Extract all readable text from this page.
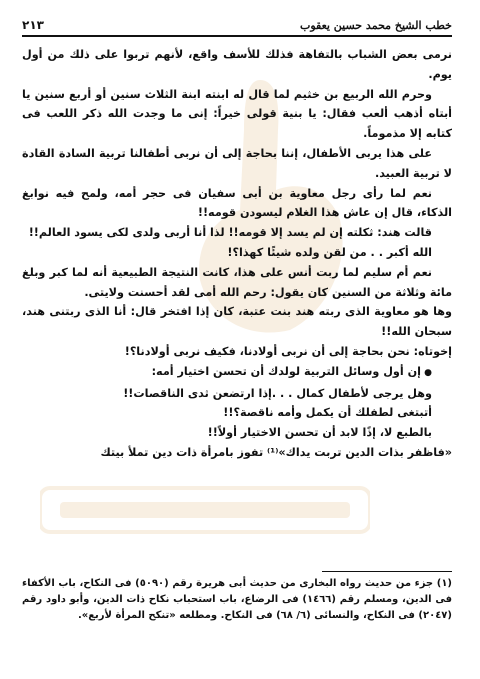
خطب الشيخ محمد حسين يعقوب
٢١٣

نرمى بعض الشباب بالتفاهة فذلك للأسف واقع، لأنهم تربوا على ذلك من أول يوم.

وحرم الله الربيع بن خثيم لما قال له ابنته ابنة الثلاث سنين أو أربع سنين يا أبتاه أذهب ألعب فقال: يا بنية قولى خيراً: إنى ما وجدت الله ذكر اللعب فى كتابه إلا مذموماً.

على هذا يربى الأطفال، إننا بحاجة إلى أن نربى أطفالنا تربية السادة القادة لا تربية العبيد.

نعم لما رأى رجل معاوية بن أبى سفيان فى حجر أمه، ولمح فيه نوابغ الذكاء، قال إن عاش هذا الغلام ليسودن قومه!!

قالت هند: ثكلته إن لم يسد إلا قومه!! لذا أنا أربى ولدى لكى يسود العالم!!

الله أكبر . . من لقن ولده شيئًا كهذا؟!

نعم أم سليم لما ربت أنس على هذا، كانت النتيجة الطبيعية أنه لما كبر وبلغ مائة وثلاثة من السنين كان يقول: رحم الله أمى لقد أحسنت ولايتى.

وها هو معاوية الذى ربته هند بنت عتبة، كان إذا افتخر قال: أنا الذى ربتنى هند، سبحان الله!!

إخوتاه: نحن بحاجة إلى أن نربى أولادنا، فكيف نربى أولادنا؟!

● إن أول وسائل التربية لولدك أن تحسن اختيار أمه:

وهل يرجى لأطفال كمال . . .إذا ارتضعن ثدى الناقصات!!

أتبتغى لطفلك أن يكمل وأمه ناقصة؟!!

بالطبع لا، إذًا لابد أن تحسن الاختيار أولاً!!

«فاظفر بذات الدين تربت يداك»⁽¹⁾ تفوز بامرأة ذات دين تملأ بيتك

(١) جزء من حديث رواه البخارى من حديث أبى هريرة رقم (٥٠٩٠) فى النكاح، باب الأكفاء فى الدين، ومسلم رقم (١٤٦٦) فى الرضاع، باب استحباب نكاح ذات الدين، وأبو داود رقم (٢٠٤٧) فى النكاح، والنسائى (٦/ ٦٨) فى النكاح. ومطلعه «تنكح المرأة لأربع».
